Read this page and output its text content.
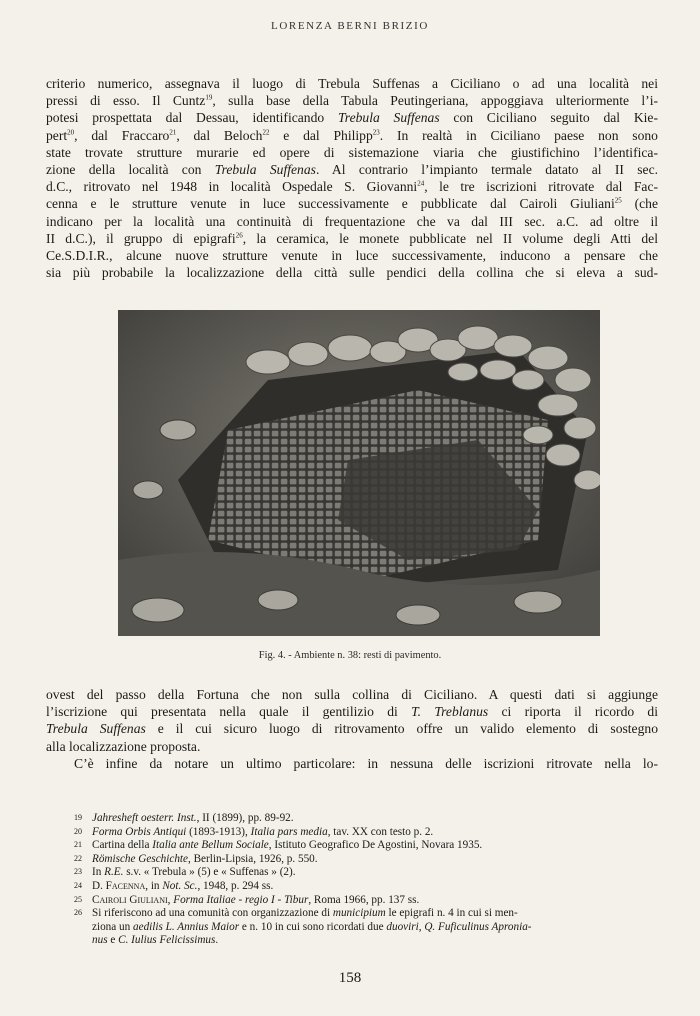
LORENZA BERNI BRIZIO
criterio numerico, assegnava il luogo di Trebula Suffenas a Ciciliano o ad una località nei
pressi di esso. Il Cuntz$^{19}$, sulla base della Tabula Peutingeriana, appoggiava ulteriormente l’i-
potesi prospettata dal Dessau, identificando Trebula Suffenas con Ciciliano seguito dal Kie-
pert$^{20}$, dal Fraccaro$^{21}$, dal Beloch$^{22}$ e dal Philipp$^{23}$. In realtà in Ciciliano paese non sono
state trovate strutture murarie ed opere di sistemazione viaria che giustifichino l’identifica-
zione della località con Trebula Suffenas. Al contrario l’impianto termale datato al II sec.
d.C., ritrovato nel 1948 in località Ospedale S. Giovanni$^{24}$, le tre iscrizioni ritrovate dal Fac-
cenna e le strutture venute in luce successivamente e pubblicate dal Cairoli Giuliani$^{25}$ (che
indicano per la località una continuità di frequentazione che va dal III sec. a.C. ad oltre il
II d.C.), il gruppo di epigrafi$^{26}$, la ceramica, le monete pubblicate nel II volume degli Atti del
Ce.S.D.I.R., alcune nuove strutture venute in luce successivamente, inducono a pensare che
sia più probabile la localizzazione della città sulle pendici della collina che si eleva a sud-
Fig. 4. - Ambiente n. 38: resti di pavimento.
ovest del passo della Fortuna che non sulla collina di Ciciliano. A questi dati si aggiunge
l’iscrizione qui presentata nella quale il gentilizio di T. Treblanus ci riporta il ricordo di
Trebula Suffenas e il cui sicuro luogo di ritrovamento offre un valido elemento di sostegno
alla localizzazione proposta.
C’è infine da notare un ultimo particolare: in nessuna delle iscrizioni ritrovate nella lo-
19 Jahresheft oesterr. Inst., II (1899), pp. 89-92.
20 Forma Orbis Antiqui (1893-1913), Italia pars media, tav. XX con testo p. 2.
21 Cartina della Italia ante Bellum Sociale, Istituto Geografico De Agostini, Novara 1935.
22 Römische Geschichte, Berlin-Lipsia, 1926, p. 550.
23 In R.E. s.v. « Trebula » (5) e « Suffenas » (2).
24 D. Facenna, in Not. Sc., 1948, p. 294 ss.
25 Cairoli Giuliani, Forma Italiae - regio I - Tibur, Roma 1966, pp. 137 ss.
26 Si riferiscono ad una comunità con organizzazione di municipium le epigrafi n. 4 in cui si men-
ziona un aedilis L. Annius Maior e n. 10 in cui sono ricordati due duoviri, Q. Fuficulinus Apronia-
nus e C. Iulius Felicissimus.
158
